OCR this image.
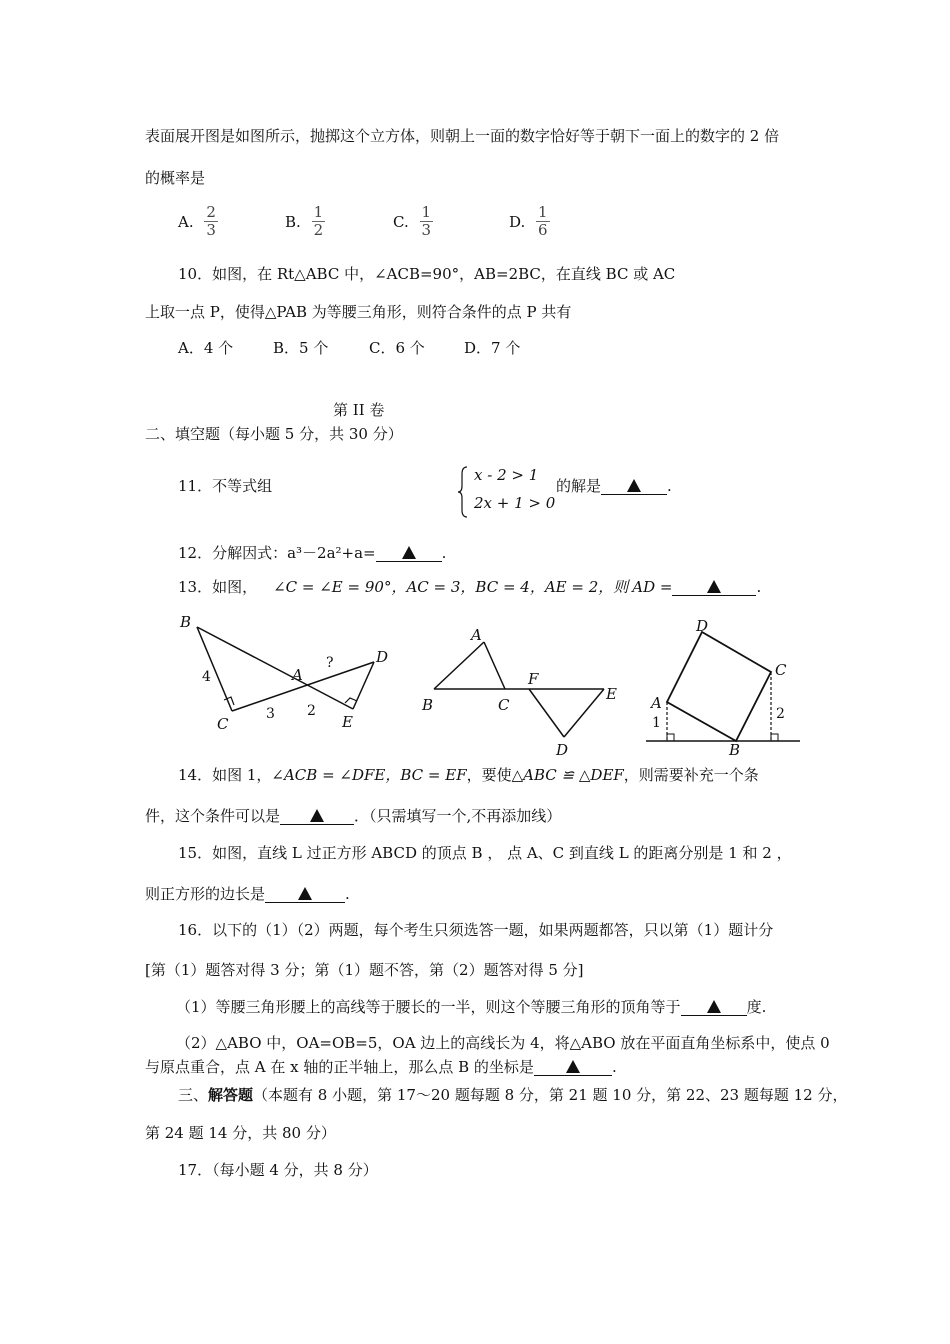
表面展开图是如图所示，抛掷这个立方体，则朝上一面的数字恰好等于朝下一面上的数字的 2 倍
的概率是
A. $\frac{2}{3}$	B. $\frac{1}{2}$	C. $\frac{1}{3}$	D. $\frac{1}{6}$
10．如图，在 Rt△ABC 中，∠ACB=90°，AB=2BC，在直线 BC 或 AC
上取一点 P，使得△PAB 为等腰三角形，则符合条件的点 P 共有
A．4 个	B．5 个	C．6 个	D．7 个
第 II 卷
二、填空题（每小题 5 分，共 30 分）
11．不等式组
x - 2 > 1
2x + 1 > 0
的解是	.
12．分解因式：a³－2a²+a=	.
13．如图， ∠C = ∠E = 90°，AC = 3，BC = 4，AE = 2，则 AD =	.
B
C
A
D
E
4
3 2
?
A
B	C
F
E
D
D
C
A
B
1
2
14．如图 1，∠ACB = ∠DFE，BC = EF，要使△ABC ≌ △DEF，则需要补充一个条
件，这个条件可以是	．（只需填写一个,不再添加线）
15．如图，直线 L 过正方形 ABCD 的顶点 B ， 点 A、C 到直线 L 的距离分别是 1 和 2 ，
则正方形的边长是	.
16．以下的（1）（2）两题，每个考生只须选答一题，如果两题都答，只以第（1）题计分
[第（1）题答对得 3 分；第（1）题不答，第（2）题答对得 5 分]
（1）等腰三角形腰上的高线等于腰长的一半，则这个等腰三角形的顶角等于	度.
（2）△ABO 中，OA=OB=5，OA 边上的高线长为 4，将△ABO 放在平面直角坐标系中，使点 0
与原点重合，点 A 在 x 轴的正半轴上，那么点 B 的坐标是	.
三、解答题（本题有 8 小题，第 17～20 题每题 8 分，第 21 题 10 分，第 22、23 题每题 12 分，
第 24 题 14 分，共 80 分）
17．（每小题 4 分，共 8 分）
